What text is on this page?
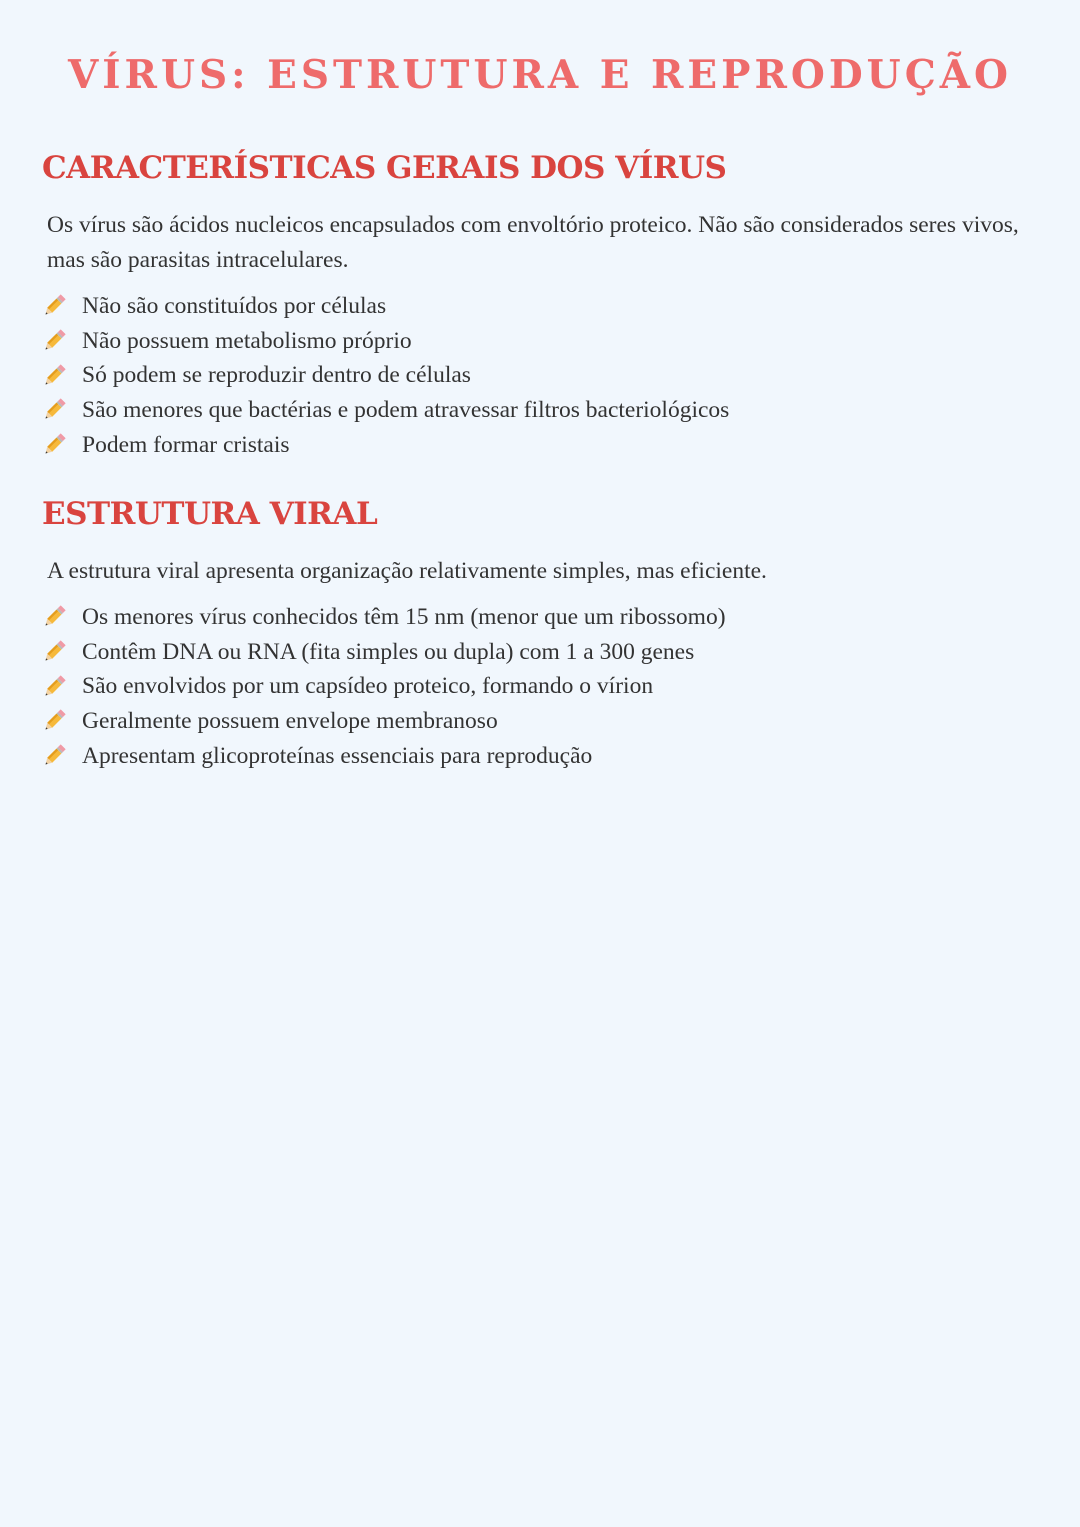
VÍRUS: ESTRUTURA E REPRODUÇÃO
CARACTERÍSTICAS GERAIS DOS VÍRUS

Os vírus são ácidos nucleicos encapsulados com envoltório proteico. Não são considerados seres vivos, mas são parasitas intracelulares.

Não são constituídos por células
Não possuem metabolismo próprio
Só podem se reproduzir dentro de células
São menores que bactérias e podem atravessar filtros bacteriológicos
Podem formar cristais
ESTRUTURA VIRAL

A estrutura viral apresenta organização relativamente simples, mas eficiente.

Os menores vírus conhecidos têm 15 nm (menor que um ribossomo)
Contêm DNA ou RNA (fita simples ou dupla) com 1 a 300 genes
São envolvidos por um capsídeo proteico, formando o vírion
Geralmente possuem envelope membranoso
Apresentam glicoproteínas essenciais para reprodução
